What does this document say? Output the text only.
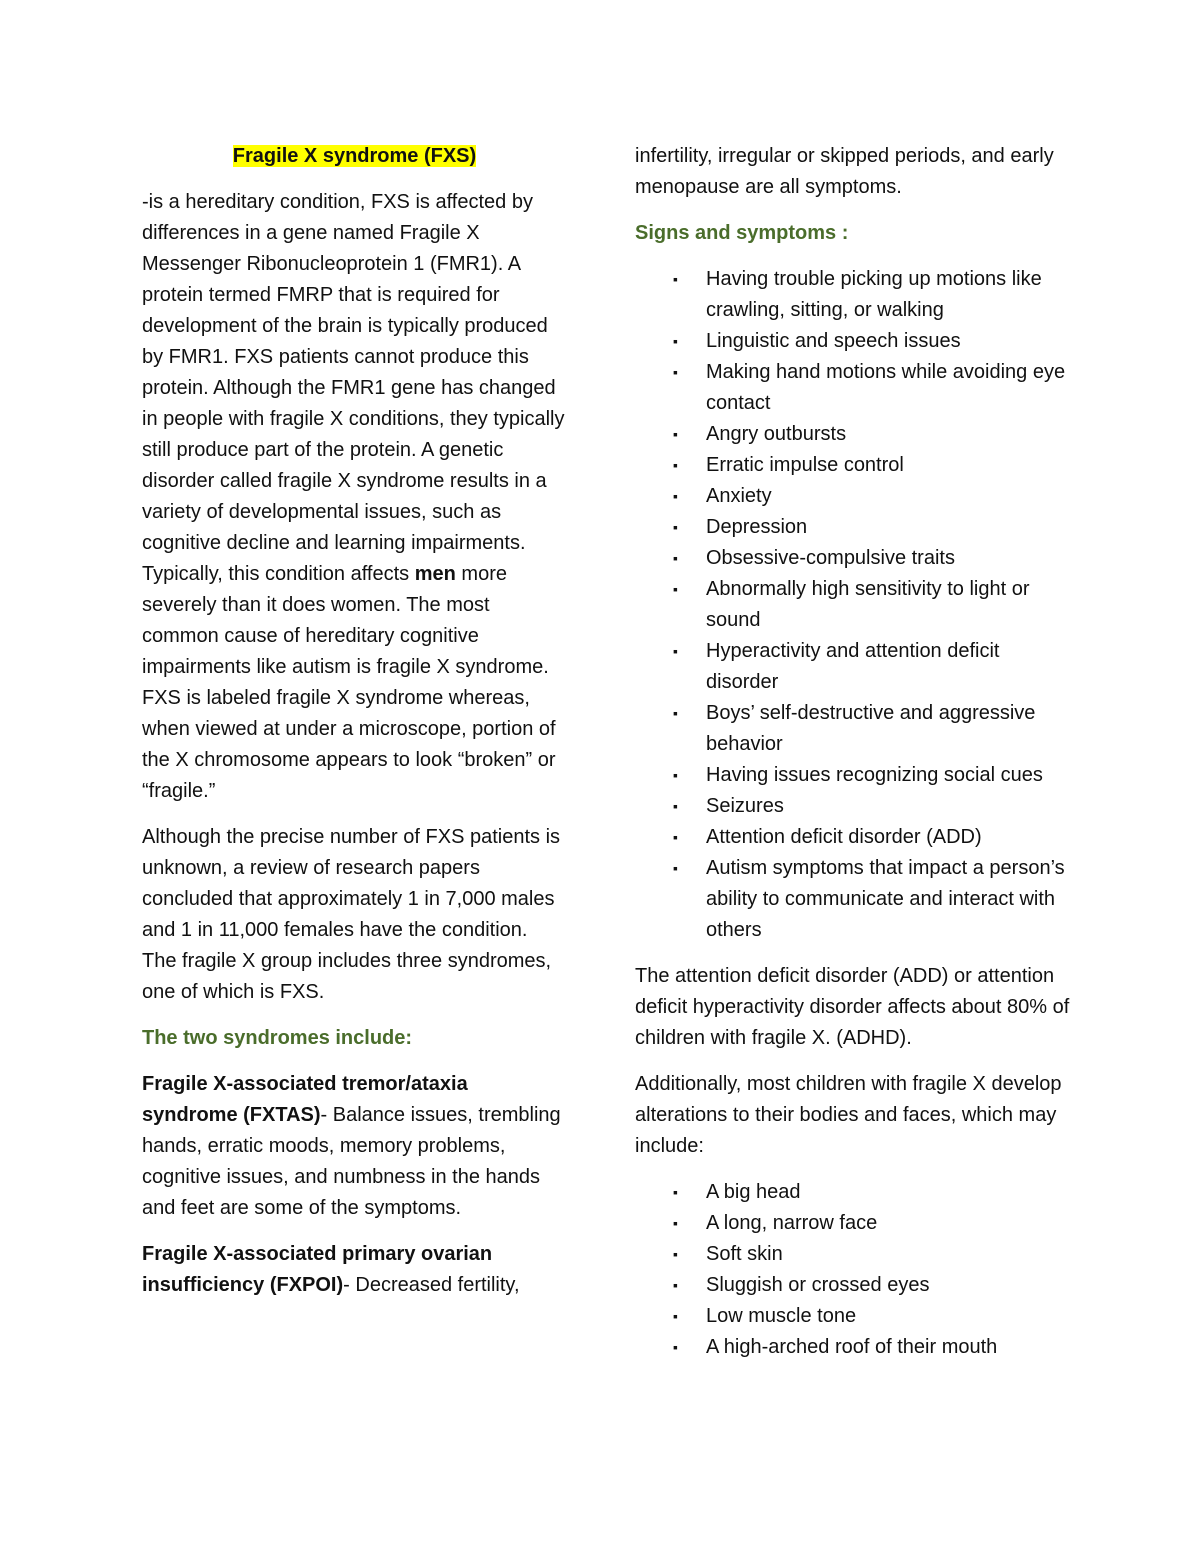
Fragile X syndrome (FXS)

-is a hereditary condition, FXS is affected by differences in a gene named Fragile X Messenger Ribonucleoprotein 1 (FMR1). A protein termed FMRP that is required for development of the brain is typically produced by FMR1. FXS patients cannot produce this protein. Although the FMR1 gene has changed in people with fragile X conditions, they typically still produce part of the protein. A genetic disorder called fragile X syndrome results in a variety of developmental issues, such as cognitive decline and learning impairments. Typically, this condition affects men more severely than it does women. The most common cause of hereditary cognitive impairments like autism is fragile X syndrome. FXS is labeled fragile X syndrome whereas, when viewed at under a microscope, portion of the X chromosome appears to look “broken” or “fragile.”

Although the precise number of FXS patients is unknown, a review of research papers concluded that approximately 1 in 7,000 males and 1 in 11,000 females have the condition. The fragile X group includes three syndromes, one of which is FXS.

The two syndromes include:

Fragile X-associated tremor/ataxia syndrome (FXTAS)- Balance issues, trembling hands, erratic moods, memory problems, cognitive issues, and numbness in the hands and feet are some of the symptoms.

Fragile X-associated primary ovarian insufficiency (FXPOI)- Decreased fertility,

infertility, irregular or skipped periods, and early menopause are all symptoms.

Signs and symptoms :

▪ Having trouble picking up motions like crawling, sitting, or walking
▪ Linguistic and speech issues
▪ Making hand motions while avoiding eye contact
▪ Angry outbursts
▪ Erratic impulse control
▪ Anxiety
▪ Depression
▪ Obsessive-compulsive traits
▪ Abnormally high sensitivity to light or sound
▪ Hyperactivity and attention deficit disorder
▪ Boys’ self-destructive and aggressive behavior
▪ Having issues recognizing social cues
▪ Seizures
▪ Attention deficit disorder (ADD)
▪ Autism symptoms that impact a person’s ability to communicate and interact with others

The attention deficit disorder (ADD) or attention deficit hyperactivity disorder affects about 80% of children with fragile X. (ADHD).

Additionally, most children with fragile X develop alterations to their bodies and faces, which may include:

▪ A big head
▪ A long, narrow face
▪ Soft skin
▪ Sluggish or crossed eyes
▪ Low muscle tone
▪ A high-arched roof of their mouth
